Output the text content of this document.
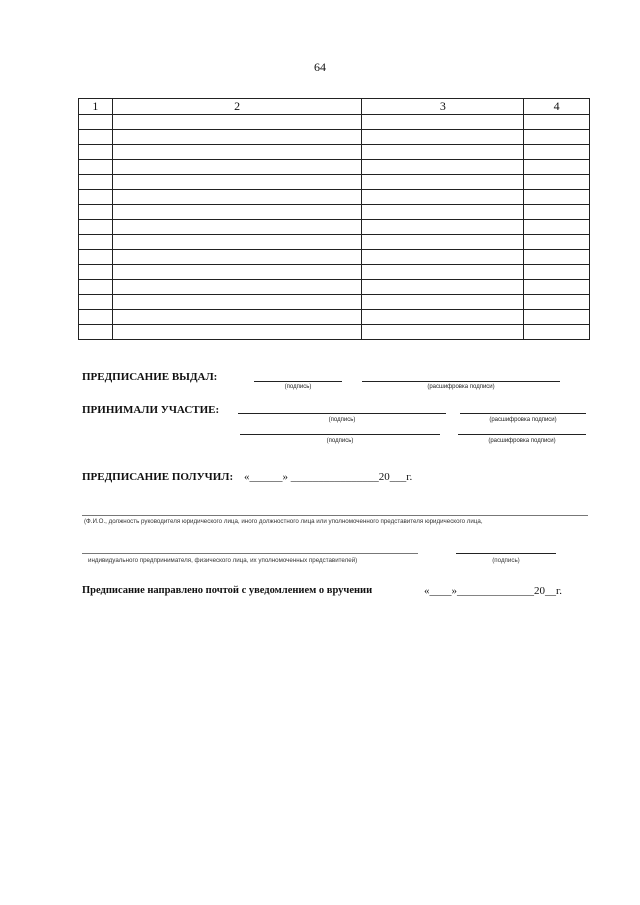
64
1	2	3	4

ПРЕДПИСАНИЕ ВЫДАЛ:
(подпись)	(расшифровка подписи)
ПРИНИМАЛИ УЧАСТИЕ:
(подпись)	(расшифровка подписи)
(подпись)	(расшифровка подписи)
ПРЕДПИСАНИЕ ПОЛУЧИЛ: «______» ________________20___г.
(Ф.И.О., должность руководителя юридического лица, иного должностного лица или уполномоченного представителя юридического лица,
индивидуального предпринимателя, физического лица, их уполномоченных представителей)	(подпись)
Предписание направлено почтой с уведомлением о вручении	«____»______________20__г.
